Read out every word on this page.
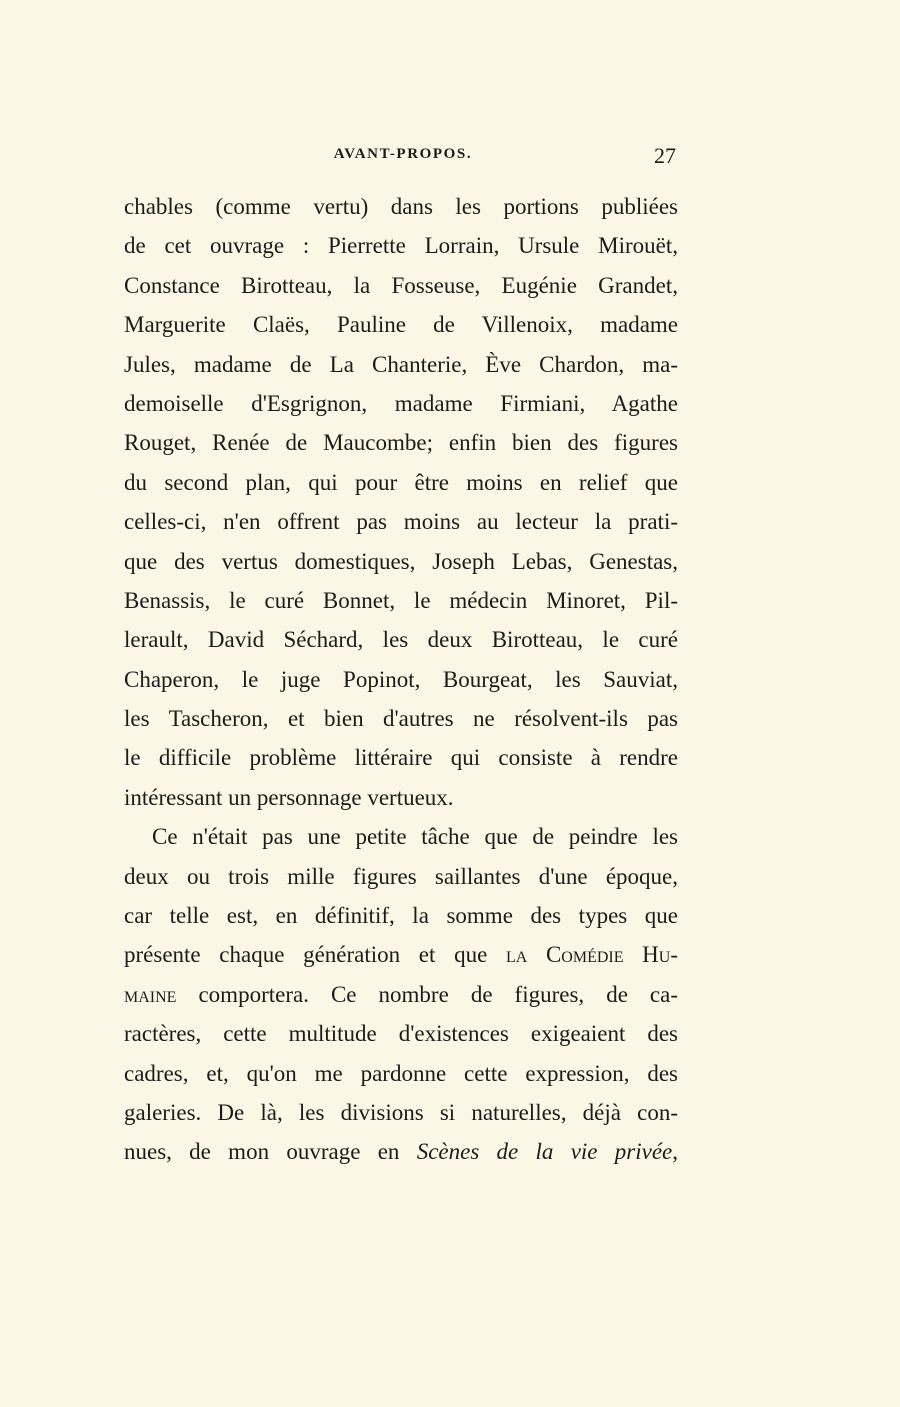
AVANT-PROPOS.	27
chables (comme vertu) dans les portions publiées
de cet ouvrage : Pierrette Lorrain, Ursule Mirouët,
Constance Birotteau, la Fosseuse, Eugénie Grandet,
Marguerite Claës, Pauline de Villenoix, madame
Jules, madame de La Chanterie, Ève Chardon, ma-
demoiselle d'Esgrignon, madame Firmiani, Agathe
Rouget, Renée de Maucombe; enfin bien des figures
du second plan, qui pour être moins en relief que
celles-ci, n'en offrent pas moins au lecteur la prati-
que des vertus domestiques, Joseph Lebas, Genestas,
Benassis, le curé Bonnet, le médecin Minoret, Pil-
lerault, David Séchard, les deux Birotteau, le curé
Chaperon, le juge Popinot, Bourgeat, les Sauviat,
les Tascheron, et bien d'autres ne résolvent-ils pas
le difficile problème littéraire qui consiste à rendre
intéressant un personnage vertueux.
Ce n'était pas une petite tâche que de peindre les
deux ou trois mille figures saillantes d'une époque,
car telle est, en définitif, la somme des types que
présente chaque génération et que la Comédie Hu-
maine comportera. Ce nombre de figures, de ca-
ractères, cette multitude d'existences exigeaient des
cadres, et, qu'on me pardonne cette expression, des
galeries. De là, les divisions si naturelles, déjà con-
nues, de mon ouvrage en Scènes de la vie privée,
